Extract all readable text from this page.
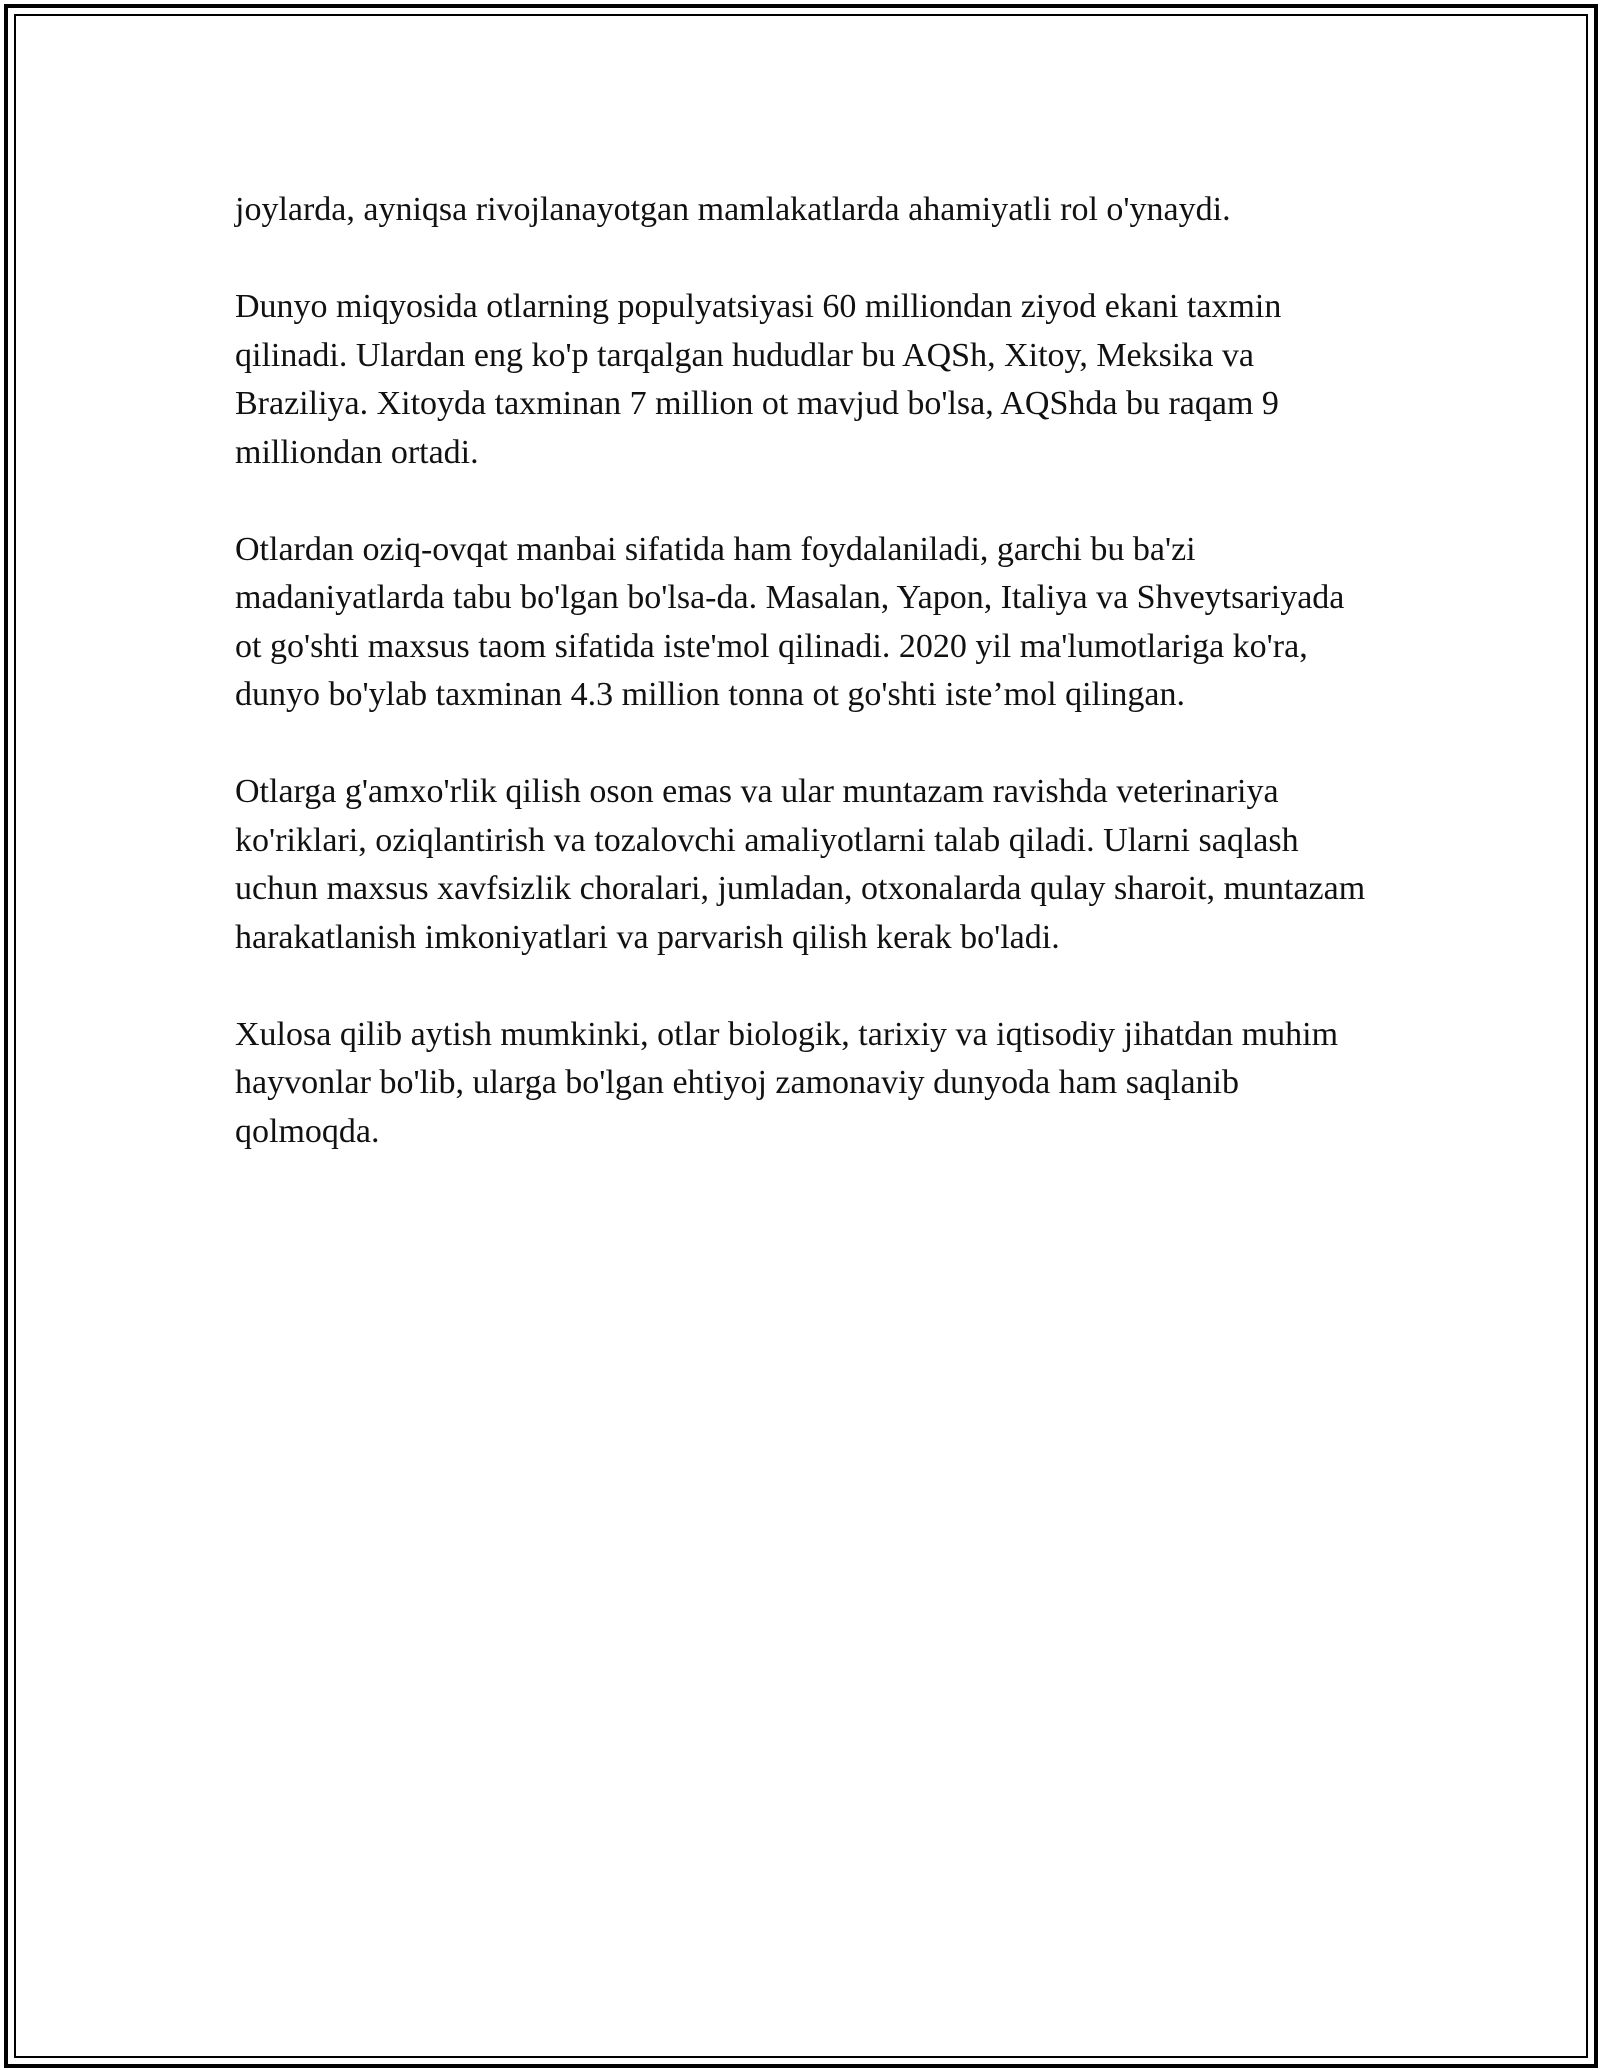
joylarda, ayniqsa rivojlanayotgan mamlakatlarda ahamiyatli rol o'ynaydi.

Dunyo miqyosida otlarning populyatsiyasi 60 milliondan ziyod ekani taxmin qilinadi. Ulardan eng ko'p tarqalgan hududlar bu AQSh, Xitoy, Meksika va Braziliya. Xitoyda taxminan 7 million ot mavjud bo'lsa, AQShda bu raqam 9 milliondan ortadi.

Otlardan oziq-ovqat manbai sifatida ham foydalaniladi, garchi bu ba'zi madaniyatlarda tabu bo'lgan bo'lsa-da. Masalan, Yapon, Italiya va Shveytsariyada ot go'shti maxsus taom sifatida iste'mol qilinadi. 2020 yil ma'lumotlariga ko'ra, dunyo bo'ylab taxminan 4.3 million tonna ot go'shti iste’mol qilingan.

Otlarga g'amxo'rlik qilish oson emas va ular muntazam ravishda veterinariya ko'riklari, oziqlantirish va tozalovchi amaliyotlarni talab qiladi. Ularni saqlash uchun maxsus xavfsizlik choralari, jumladan, otxonalarda qulay sharoit, muntazam harakatlanish imkoniyatlari va parvarish qilish kerak bo'ladi.

Xulosa qilib aytish mumkinki, otlar biologik, tarixiy va iqtisodiy jihatdan muhim hayvonlar bo'lib, ularga bo'lgan ehtiyoj zamonaviy dunyoda ham saqlanib qolmoqda.
